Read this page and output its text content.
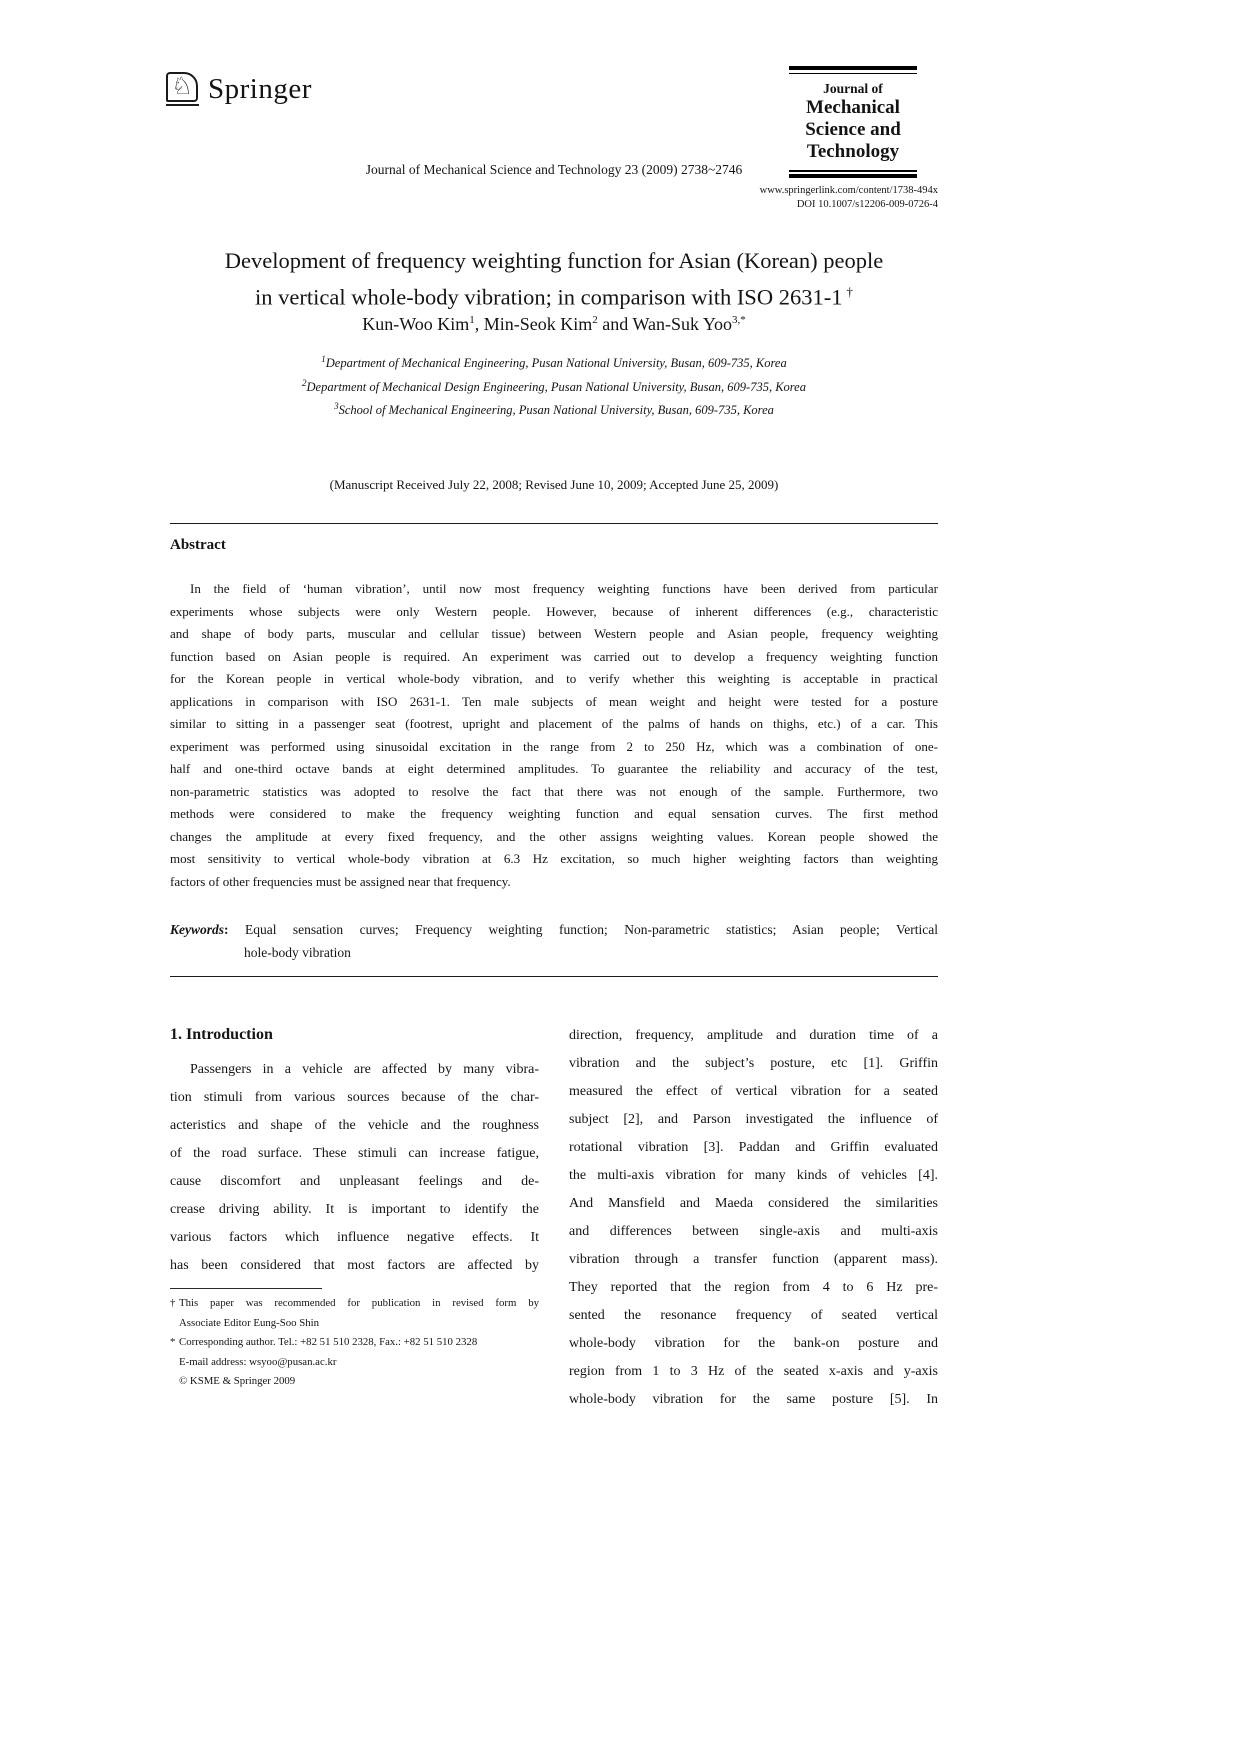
♘ Springer	Journal of
Mechanical
Science and
Technology
Journal of Mechanical Science and Technology 23 (2009) 2738~2746
www.springerlink.com/content/1738-494x
DOI 10.1007/s12206-009-0726-4
Development of frequency weighting function for Asian (Korean) people
in vertical whole-body vibration; in comparison with ISO 2631-1 †
Kun-Woo Kim$^1$, Min-Seok Kim$^2$ and Wan-Suk Yoo$^{3,*}$
$^1$Department of Mechanical Engineering, Pusan National University, Busan, 609-735, Korea
$^2$Department of Mechanical Design Engineering, Pusan National University, Busan, 609-735, Korea
$^3$School of Mechanical Engineering, Pusan National University, Busan, 609-735, Korea
(Manuscript Received July 22, 2008; Revised June 10, 2009; Accepted June 25, 2009)
Abstract
In the field of ‘human vibration’, until now most frequency weighting functions have been derived from particular
experiments whose subjects were only Western people. However, because of inherent differences (e.g., characteristic
and shape of body parts, muscular and cellular tissue) between Western people and Asian people, frequency weighting
function based on Asian people is required. An experiment was carried out to develop a frequency weighting function
for the Korean people in vertical whole-body vibration, and to verify whether this weighting is acceptable in practical
applications in comparison with ISO 2631-1. Ten male subjects of mean weight and height were tested for a posture
similar to sitting in a passenger seat (footrest, upright and placement of the palms of hands on thighs, etc.) of a car. This
experiment was performed using sinusoidal excitation in the range from 2 to 250 Hz, which was a combination of one-
half and one-third octave bands at eight determined amplitudes. To guarantee the reliability and accuracy of the test,
non-parametric statistics was adopted to resolve the fact that there was not enough of the sample. Furthermore, two
methods were considered to make the frequency weighting function and equal sensation curves. The first method
changes the amplitude at every fixed frequency, and the other assigns weighting values. Korean people showed the
most sensitivity to vertical whole-body vibration at 6.3 Hz excitation, so much higher weighting factors than weighting
factors of other frequencies must be assigned near that frequency.
Keywords: Equal sensation curves; Frequency weighting function; Non-parametric statistics; Asian people; Vertical
hole-body vibration
1. Introduction
Passengers in a vehicle are affected by many vibra-
tion stimuli from various sources because of the char-
acteristics and shape of the vehicle and the roughness
of the road surface. These stimuli can increase fatigue,
cause discomfort and unpleasant feelings and de-
crease driving ability. It is important to identify the
various factors which influence negative effects. It
has been considered that most factors are affected by
† This paper was recommended for publication in revised form by
Associate Editor Eung-Soo Shin
* Corresponding author. Tel.: +82 51 510 2328, Fax.: +82 51 510 2328
E-mail address: wsyoo@pusan.ac.kr
© KSME & Springer 2009
direction, frequency, amplitude and duration time of a
vibration and the subject’s posture, etc [1]. Griffin
measured the effect of vertical vibration for a seated
subject [2], and Parson investigated the influence of
rotational vibration [3]. Paddan and Griffin evaluated
the multi-axis vibration for many kinds of vehicles [4].
And Mansfield and Maeda considered the similarities
and differences between single-axis and multi-axis
vibration through a transfer function (apparent mass).
They reported that the region from 4 to 6 Hz pre-
sented the resonance frequency of seated vertical
whole-body vibration for the bank-on posture and
region from 1 to 3 Hz of the seated x-axis and y-axis
whole-body vibration for the same posture [5]. In
